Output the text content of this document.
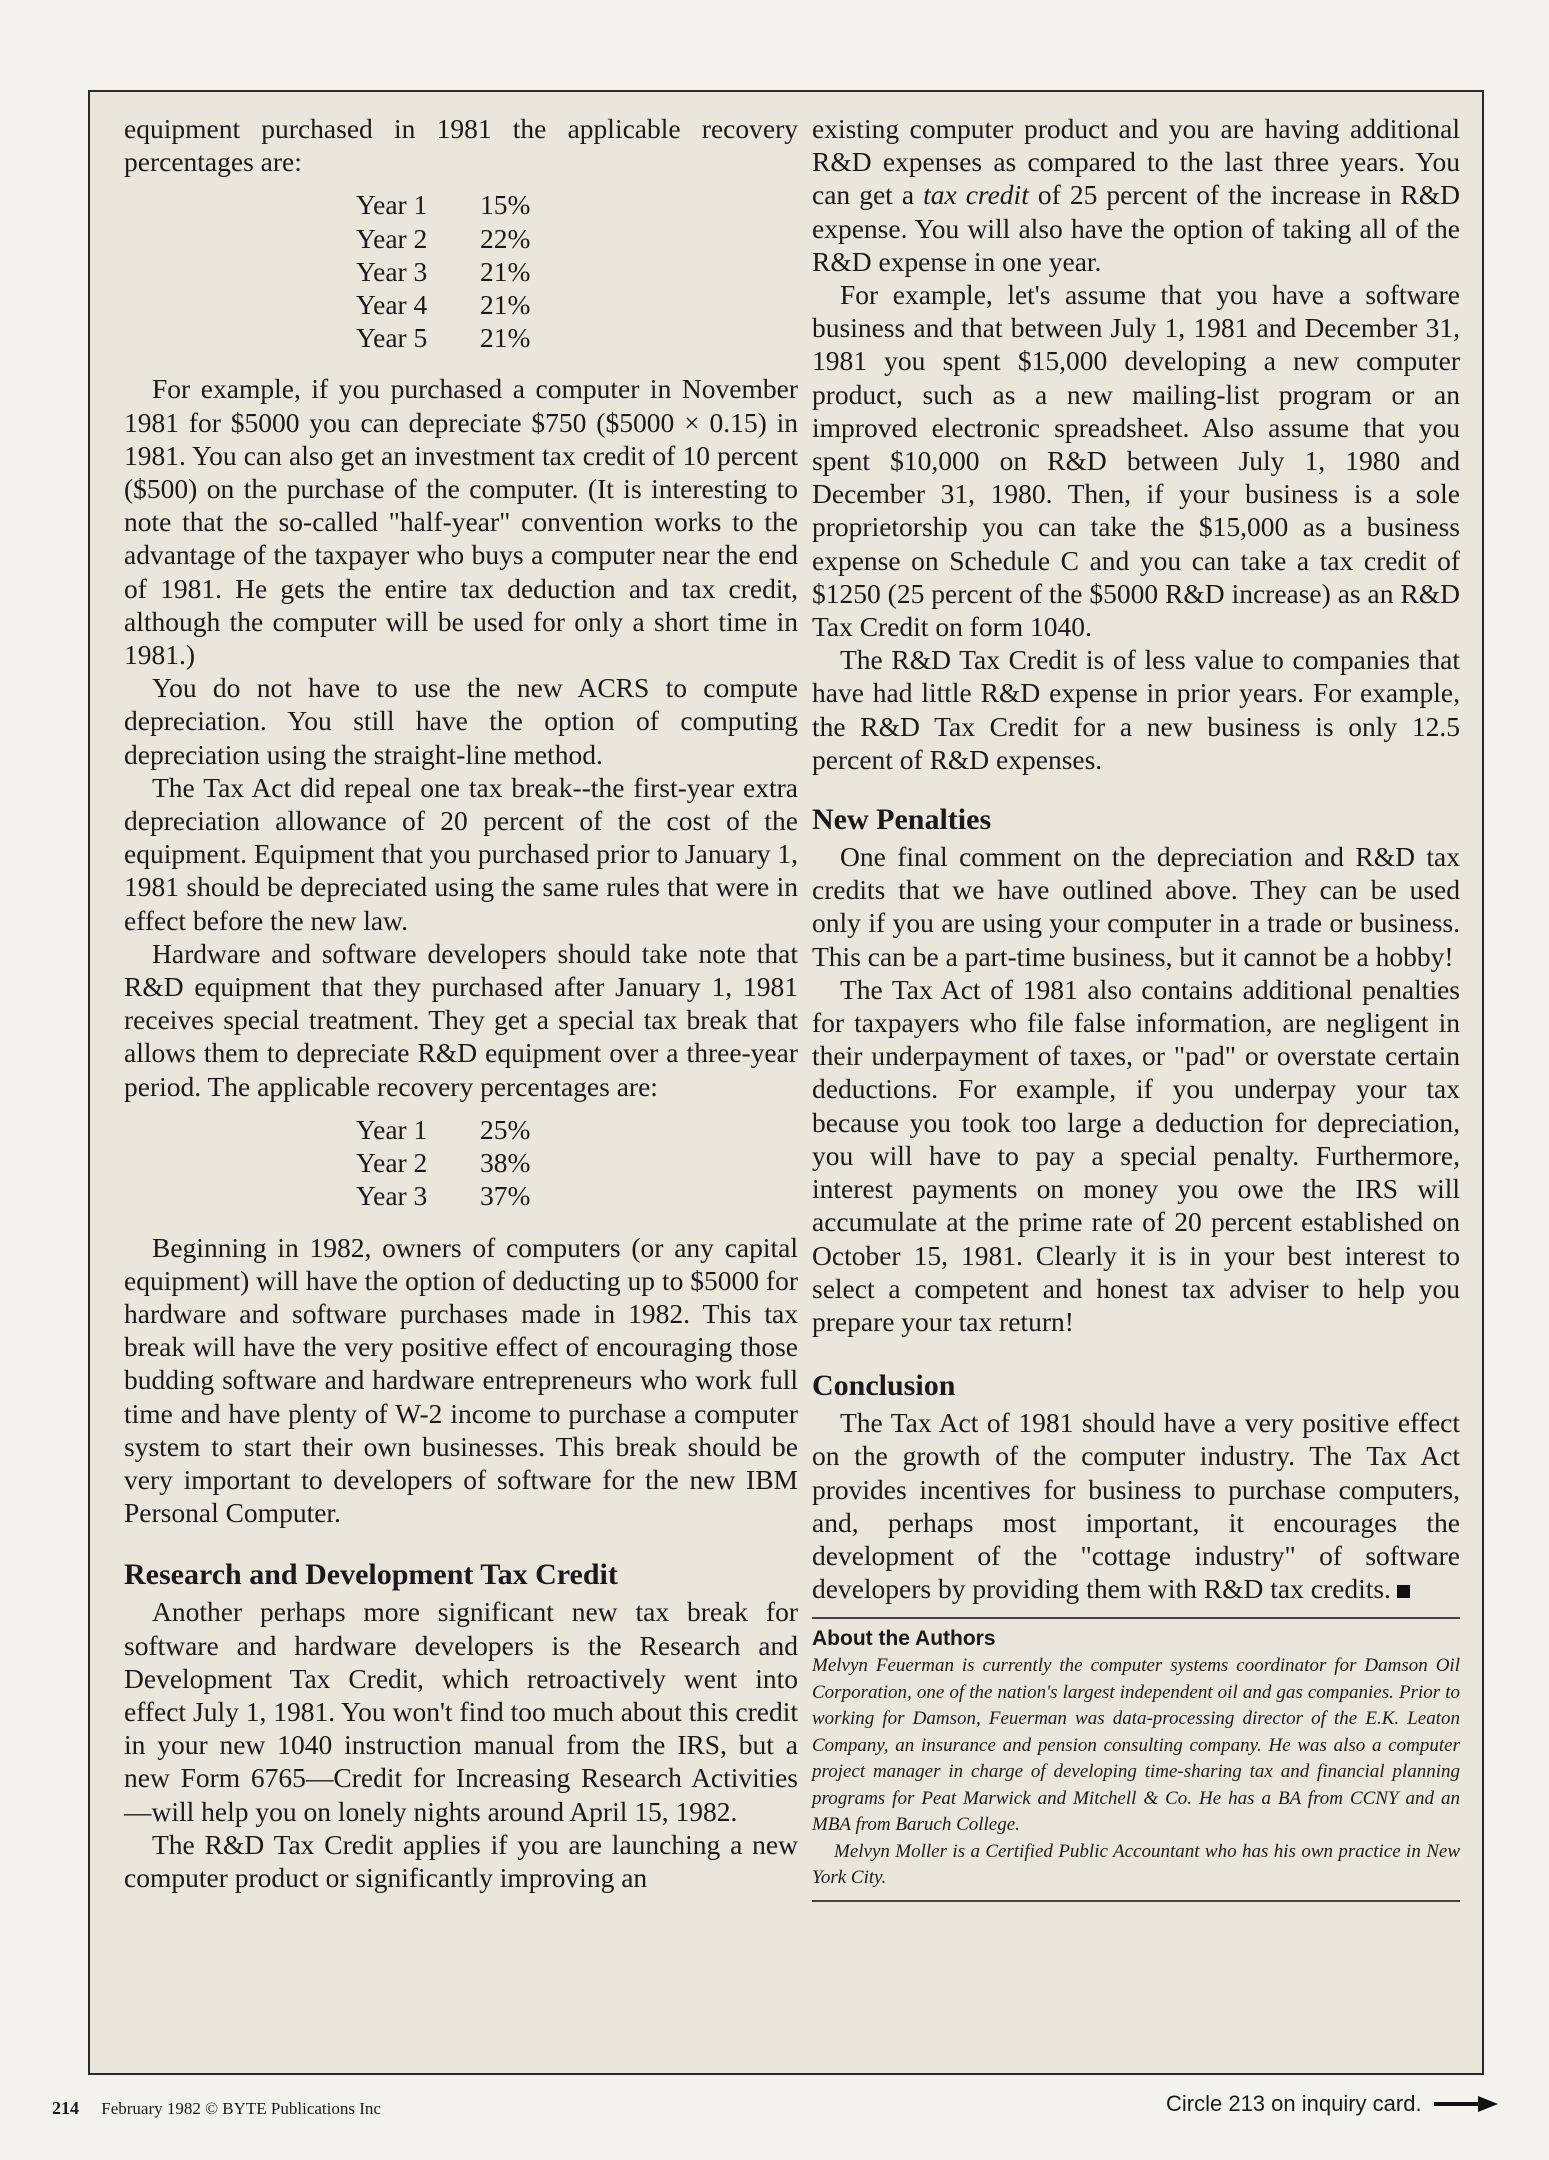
equipment purchased in 1981 the applicable recovery percentages are:

Year 1	15%
Year 2	22%
Year 3	21%
Year 4	21%
Year 5	21%

For example, if you purchased a computer in November 1981 for $5000 you can depreciate $750 ($5000 × 0.15) in 1981. You can also get an investment tax credit of 10 percent ($500) on the purchase of the computer. (It is interesting to note that the so-called "half-year" convention works to the advantage of the taxpayer who buys a computer near the end of 1981. He gets the entire tax deduction and tax credit, although the computer will be used for only a short time in 1981.)

You do not have to use the new ACRS to compute depreciation. You still have the option of computing depreciation using the straight-line method.

The Tax Act did repeal one tax break--the first-year extra depreciation allowance of 20 percent of the cost of the equipment. Equipment that you purchased prior to January 1, 1981 should be depreciated using the same rules that were in effect before the new law.

Hardware and software developers should take note that R&D equipment that they purchased after January 1, 1981 receives special treatment. They get a special tax break that allows them to depreciate R&D equipment over a three-year period. The applicable recovery percentages are:

Year 1	25%
Year 2	38%
Year 3	37%

Beginning in 1982, owners of computers (or any capital equipment) will have the option of deducting up to $5000 for hardware and software purchases made in 1982. This tax break will have the very positive effect of encouraging those budding software and hardware entrepreneurs who work full time and have plenty of W-2 income to purchase a computer system to start their own businesses. This break should be very important to developers of software for the new IBM Personal Computer.

Research and Development Tax Credit

Another perhaps more significant new tax break for software and hardware developers is the Research and Development Tax Credit, which retroactively went into effect July 1, 1981. You won't find too much about this credit in your new 1040 instruction manual from the IRS, but a new Form 6765—Credit for Increasing Research Activities—will help you on lonely nights around April 15, 1982.

The R&D Tax Credit applies if you are launching a new computer product or significantly improving an

existing computer product and you are having additional R&D expenses as compared to the last three years. You can get a tax credit of 25 percent of the increase in R&D expense. You will also have the option of taking all of the R&D expense in one year.

For example, let's assume that you have a software business and that between July 1, 1981 and December 31, 1981 you spent $15,000 developing a new computer product, such as a new mailing-list program or an improved electronic spreadsheet. Also assume that you spent $10,000 on R&D between July 1, 1980 and December 31, 1980. Then, if your business is a sole proprietorship you can take the $15,000 as a business expense on Schedule C and you can take a tax credit of $1250 (25 percent of the $5000 R&D increase) as an R&D Tax Credit on form 1040.

The R&D Tax Credit is of less value to companies that have had little R&D expense in prior years. For example, the R&D Tax Credit for a new business is only 12.5 percent of R&D expenses.

New Penalties

One final comment on the depreciation and R&D tax credits that we have outlined above. They can be used only if you are using your computer in a trade or business. This can be a part-time business, but it cannot be a hobby!

The Tax Act of 1981 also contains additional penalties for taxpayers who file false information, are negligent in their underpayment of taxes, or "pad" or overstate certain deductions. For example, if you underpay your tax because you took too large a deduction for depreciation, you will have to pay a special penalty. Furthermore, interest payments on money you owe the IRS will accumulate at the prime rate of 20 percent established on October 15, 1981. Clearly it is in your best interest to select a competent and honest tax adviser to help you prepare your tax return!

Conclusion

The Tax Act of 1981 should have a very positive effect on the growth of the computer industry. The Tax Act provides incentives for business to purchase computers, and, perhaps most important, it encourages the development of the "cottage industry" of software developers by providing them with R&D tax credits.

About the Authors

Melvyn Feuerman is currently the computer systems coordinator for Damson Oil Corporation, one of the nation's largest independent oil and gas companies. Prior to working for Damson, Feuerman was data-processing director of the E.K. Leaton Company, an insurance and pension consulting company. He was also a computer project manager in charge of developing time-sharing tax and financial planning programs for Peat Marwick and Mitchell & Co. He has a BA from CCNY and an MBA from Baruch College.

Melvyn Moller is a Certified Public Accountant who has his own practice in New York City.

214 February 1982 © BYTE Publications Inc	Circle 213 on inquiry card.
